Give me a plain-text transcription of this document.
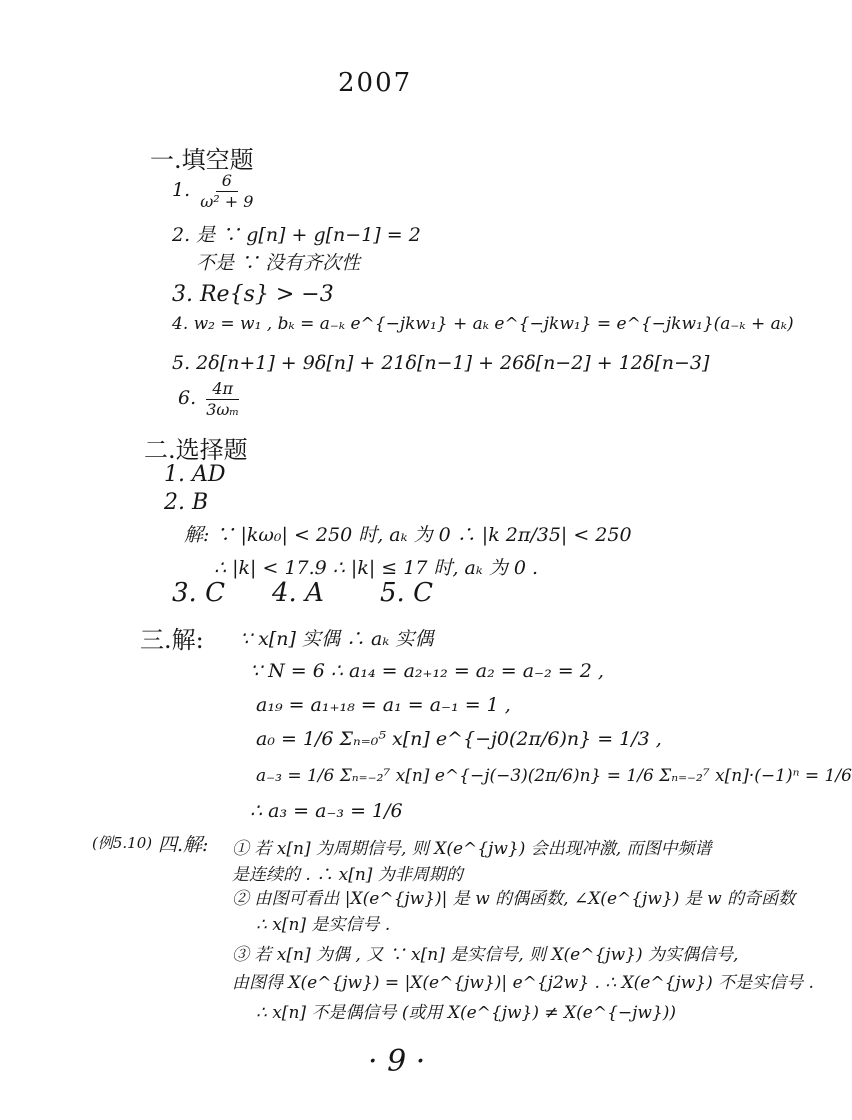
2007
一.填空题
1. $\frac{6}{\text{ω² + 9}}$
2. 是 ∵ g[n] + g[n−1] = 2
不是 ∵ 没有齐次性
3. Re{s} > −3
4. w₂ = w₁ , bₖ = a₋ₖ e^{−jkw₁} + aₖ e^{−jkw₁} = e^{−jkw₁}(a₋ₖ + aₖ)
5. 2δ[n+1] + 9δ[n] + 21δ[n−1] + 26δ[n−2] + 12δ[n−3]
6. $\frac{4\pi}{\text{3ωₘ}}$
二.选择题
1. AD
2. B
解: ∵ |kω₀| < 250 时, aₖ 为 0 ∴ |k 2π/35| < 250
∴ |k| < 17.9 ∴ |k| ≤ 17 时, aₖ 为 0 .
3. C 4. A 5. C
三.解: ∵ x[n] 实偶 ∴ aₖ 实偶
∵ N = 6 ∴ a₁₄ = a₂₊₁₂ = a₂ = a₋₂ = 2 ,
a₁₉ = a₁₊₁₈ = a₁ = a₋₁ = 1 ,
a₀ = 1/6 Σₙ₌₀⁵ x[n] e^{−j0(2π/6)n} = 1/3 ,
a₋₃ = 1/6 Σₙ₌₋₂⁷ x[n] e^{−j(−3)(2π/6)n} = 1/6 Σₙ₌₋₂⁷ x[n]·(−1)ⁿ = 1/6
∴ a₃ = a₋₃ = 1/6
(例5.10) 四.解: ① 若 x[n] 为周期信号, 则 X(e^{jw}) 会出现冲激, 而图中频谱
是连续的 . ∴ x[n] 为非周期的
② 由图可看出 |X(e^{jw})| 是 w 的偶函数, ∠X(e^{jw}) 是 w 的奇函数
∴ x[n] 是实信号 .
③ 若 x[n] 为偶 , 又 ∵ x[n] 是实信号, 则 X(e^{jw}) 为实偶信号,
由图得 X(e^{jw}) = |X(e^{jw})| e^{j2w} . ∴ X(e^{jw}) 不是实信号 .
∴ x[n] 不是偶信号 (或用 X(e^{jw}) ≠ X(e^{−jw}))
· 9 ·
